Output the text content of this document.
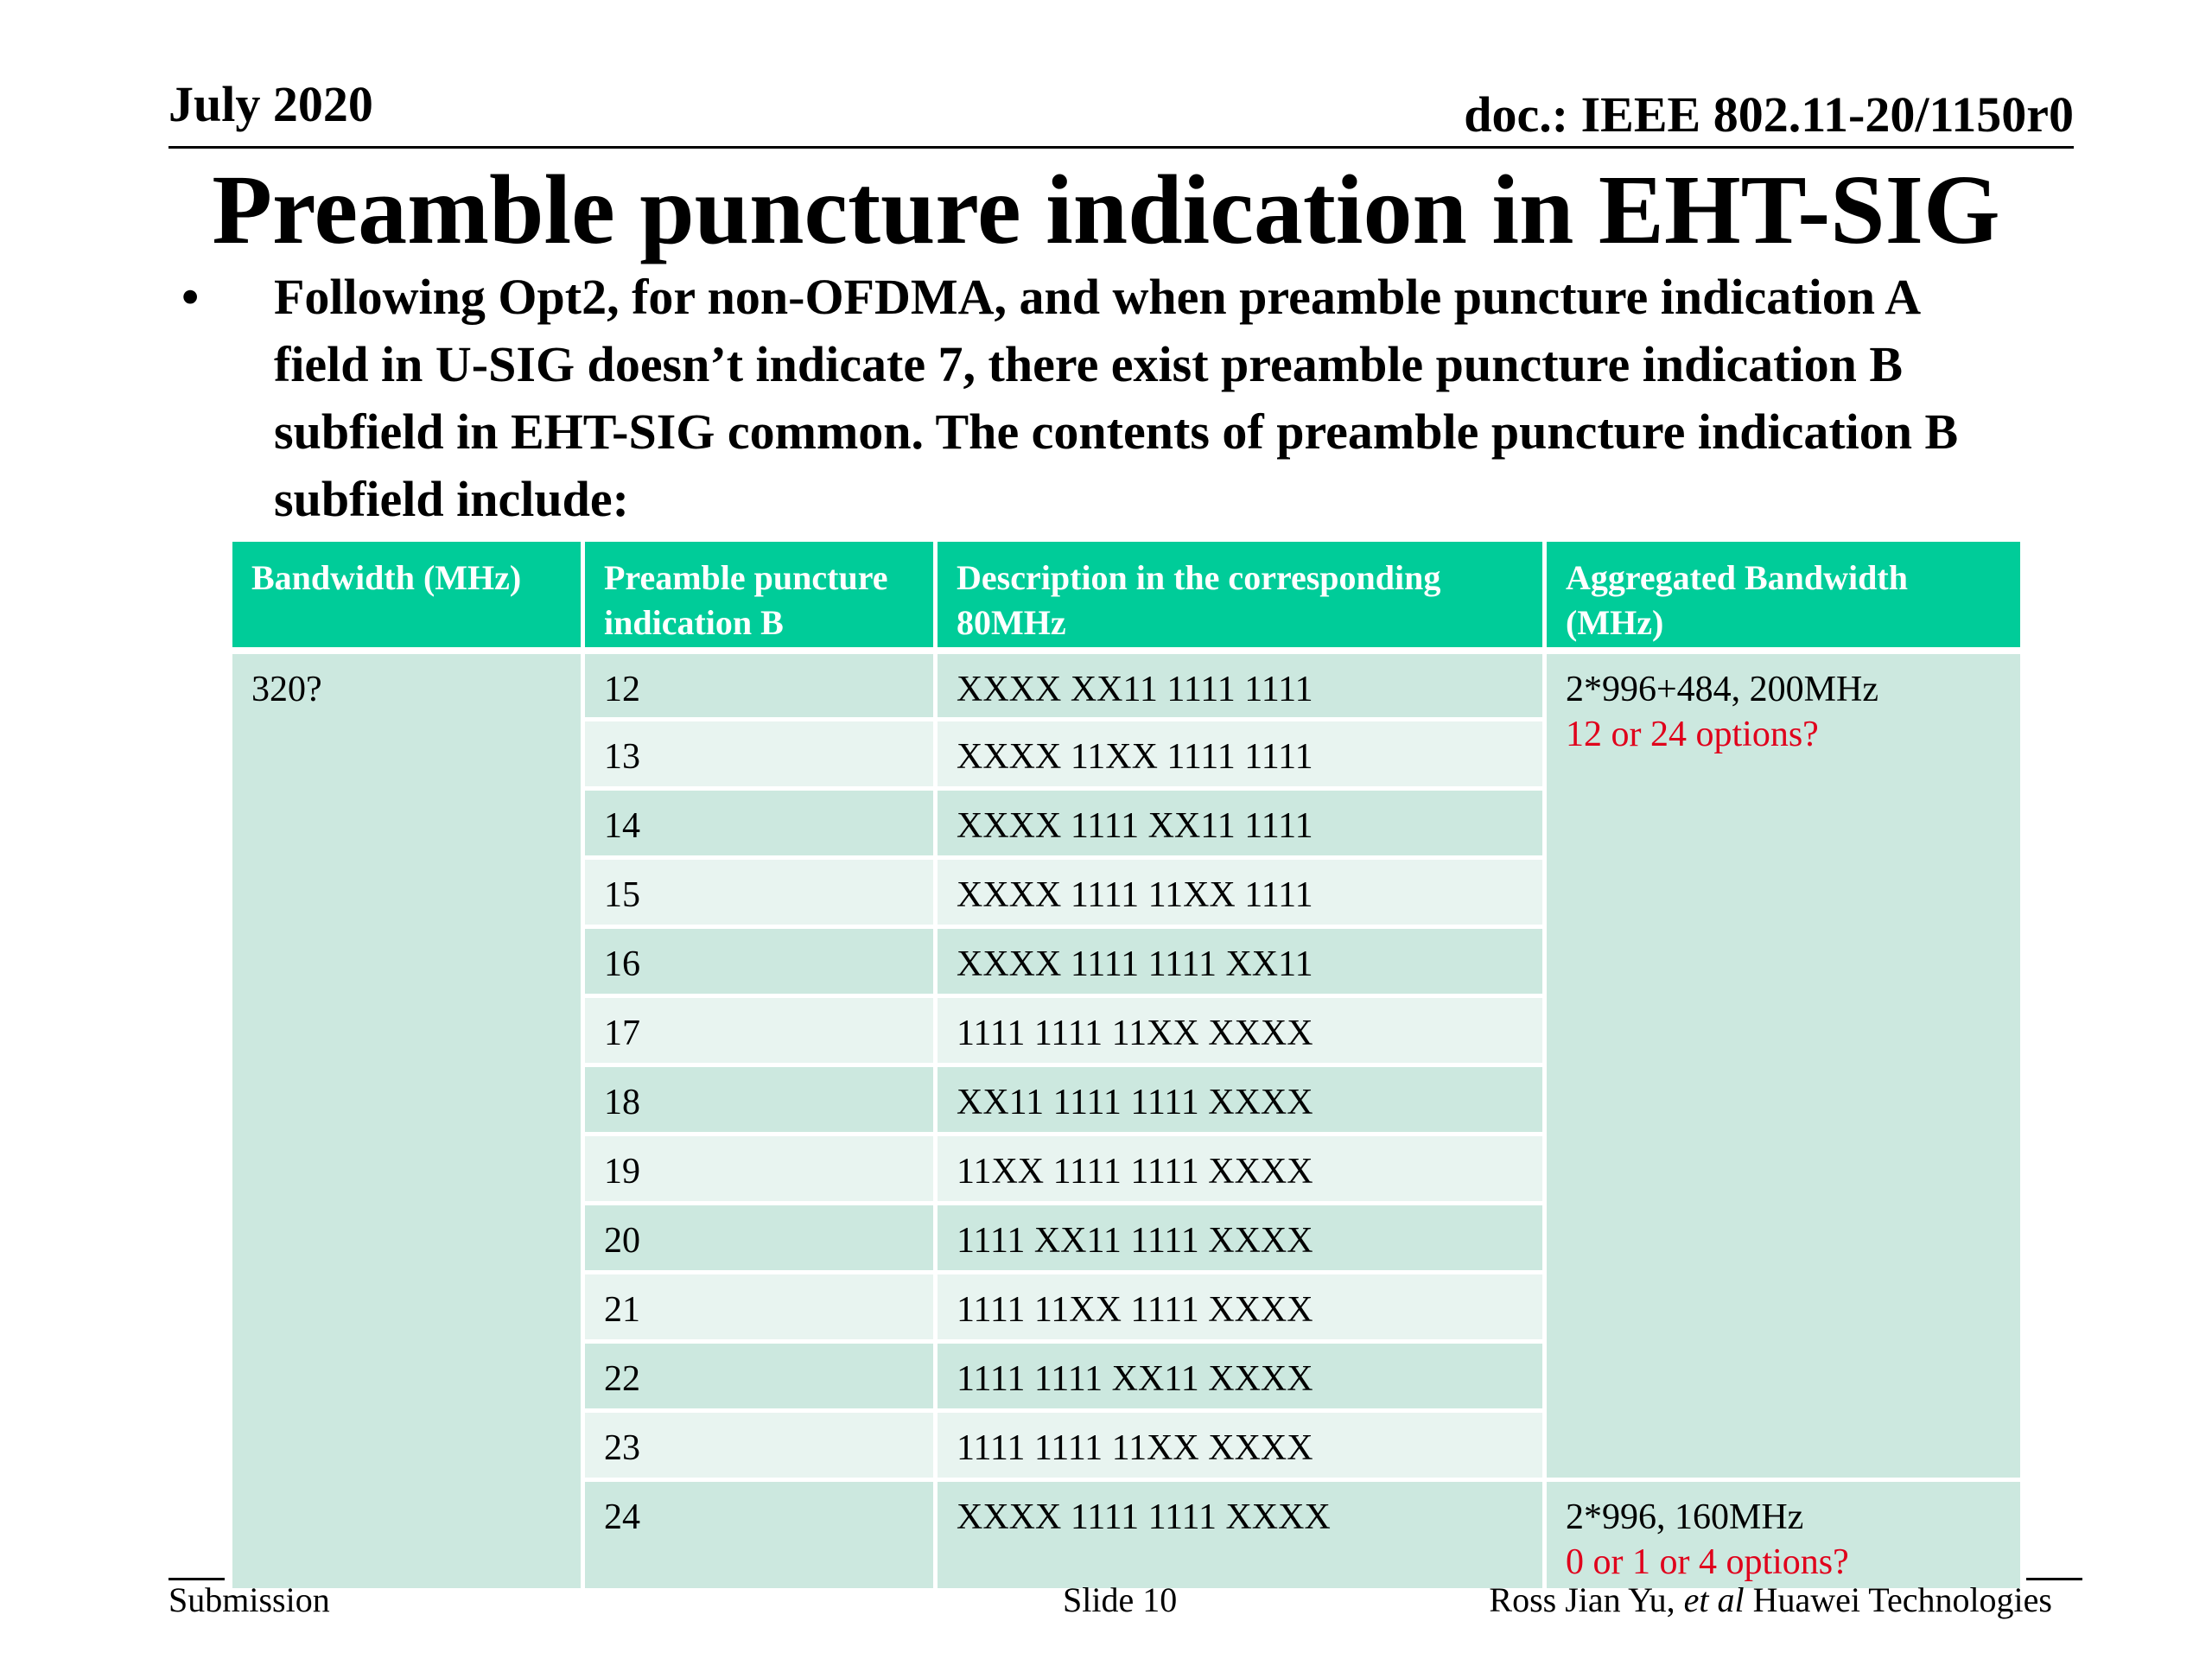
July 2020	doc.: IEEE 802.11-20/1150r0
Preamble puncture indication in EHT-SIG
• Following Opt2, for non-OFDMA, and when preamble puncture indication A field in U-SIG doesn’t indicate 7, there exist preamble puncture indication B subfield in EHT-SIG common. The contents of preamble puncture indication B subfield include:
Bandwidth (MHz)	Preamble puncture indication B	Description in the corresponding 80MHz	Aggregated Bandwidth (MHz)
320?	12	XXXX XX11 1111 1111	2*996+484, 200MHz
12 or 24 options?

	13	XXXX 11XX 1111 1111	
	14	XXXX 1111 XX11 1111	
	15	XXXX 1111 11XX 1111	
	16	XXXX 1111 1111 XX11	
	17	1111 1111 11XX XXXX	
	18	XX11 1111 1111 XXXX	
	19	11XX 1111 1111 XXXX	
	20	1111 XX11 1111 XXXX	
	21	1111 11XX 1111 XXXX	
	22	1111 1111 XX11 XXXX	
	23	1111 1111 11XX XXXX	
	24	XXXX 1111 1111 XXXX	2*996, 160MHz
0 or 1 or 4 options?
Submission	Slide 10	Ross Jian Yu, et al Huawei Technologies
